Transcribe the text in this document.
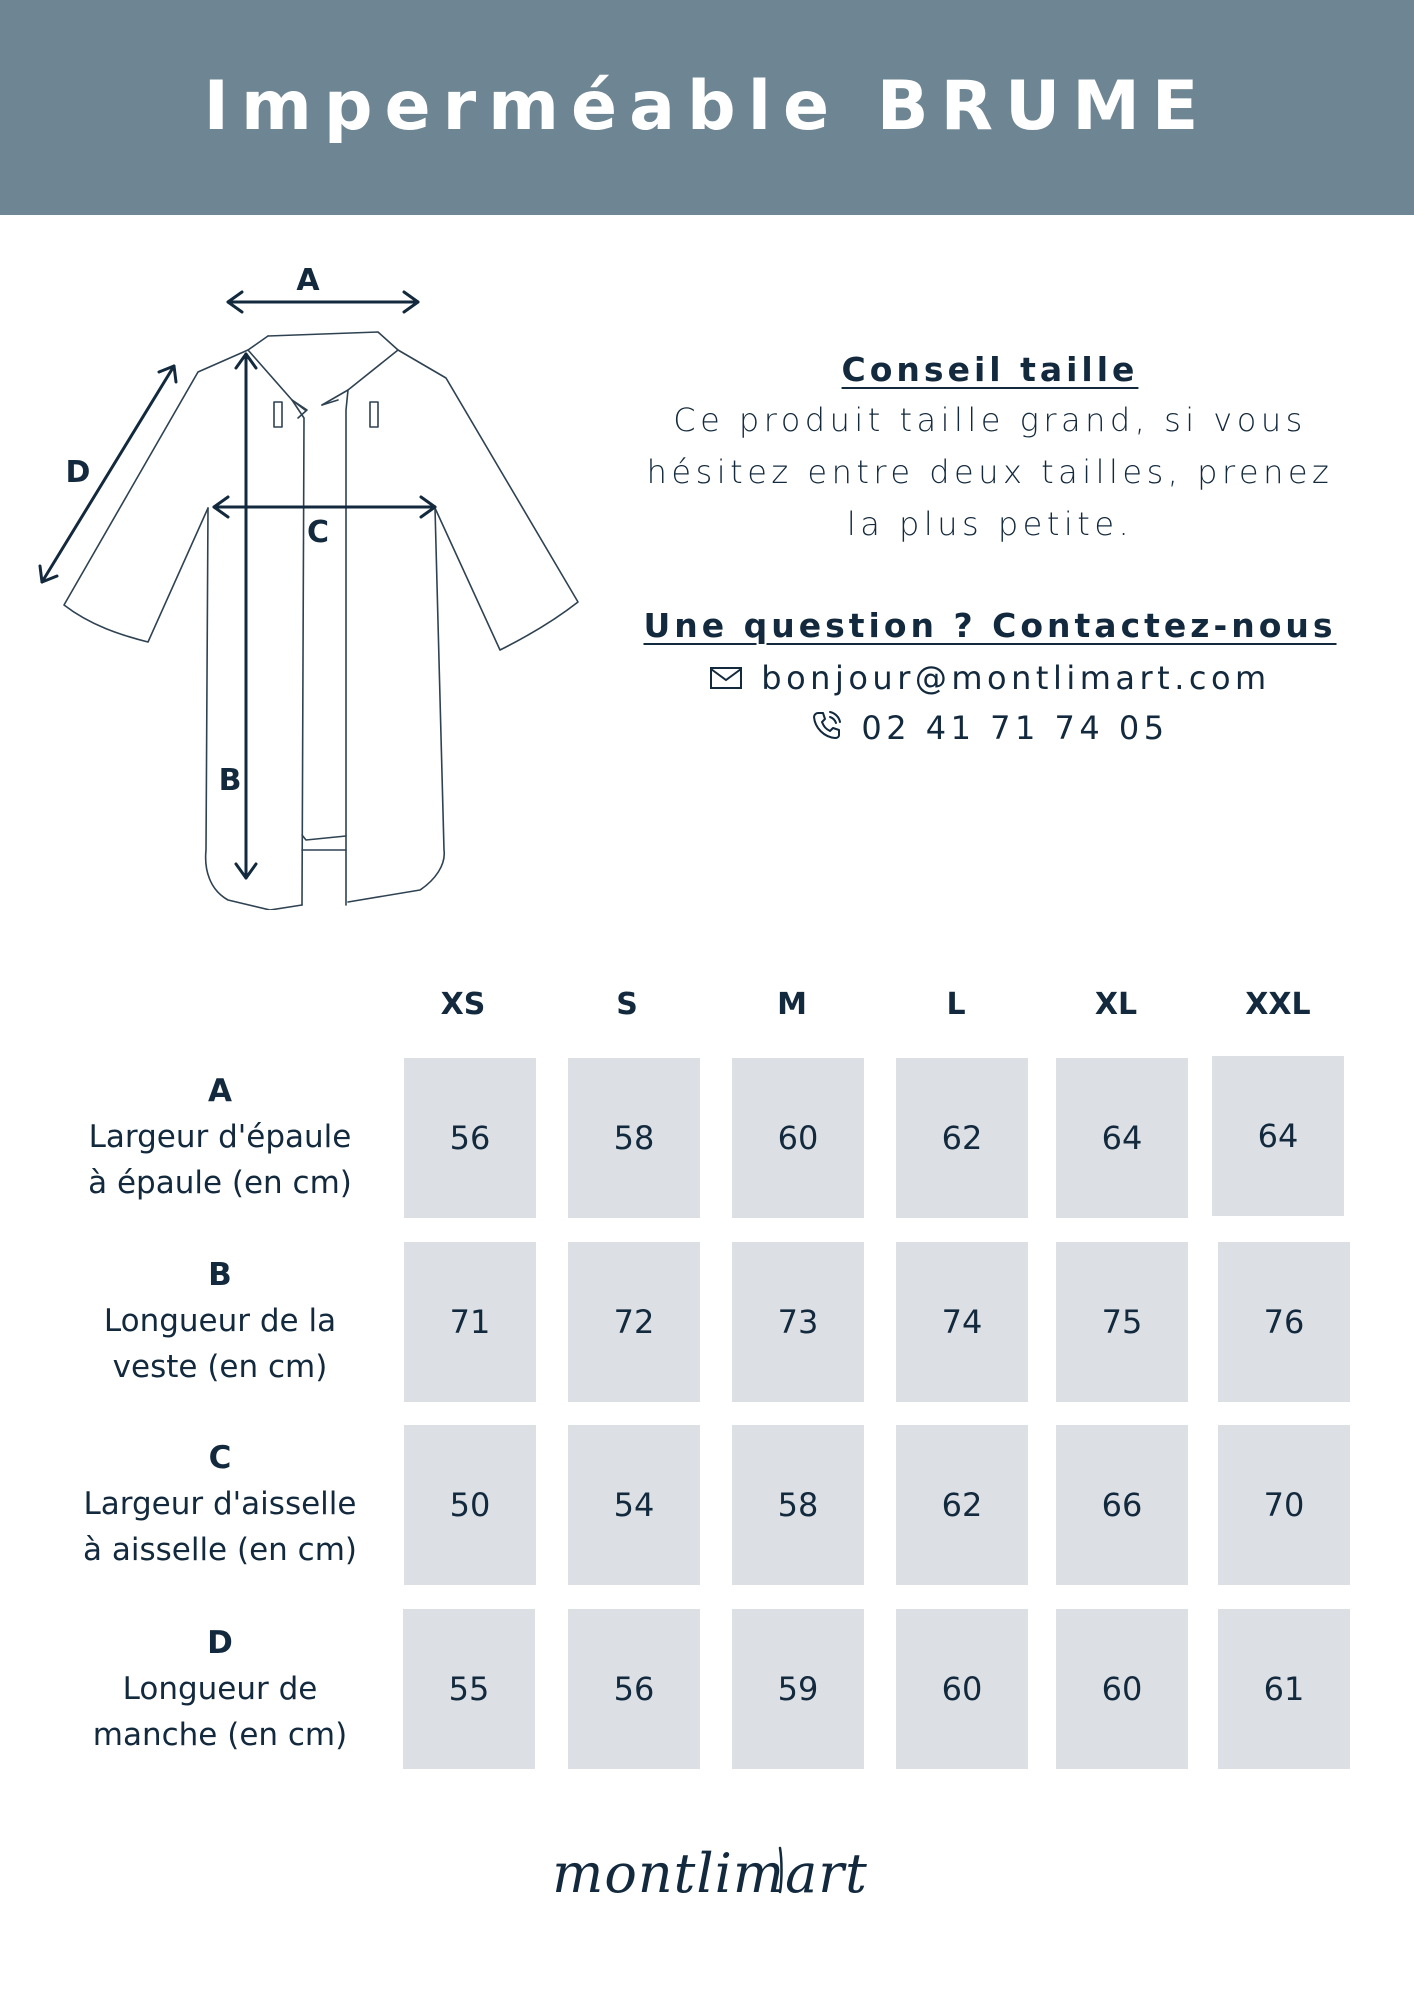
Imperméable BRUME
A
B
C
D
Conseil taille
Ce produit taille grand, si vous
hésitez entre deux tailles, prenez
la plus petite.
Une question ? Contactez-nous
bonjour@montlimart.com
02 41 71 74 05
XS	S	M	L	XL	XXL
A
Largeur d'épaule
à épaule (en cm)
56	58	60	62	64	64
B
Longueur de la
veste (en cm)
71	72	73	74	75	76
C
Largeur d'aisselle
à aisselle (en cm)
50	54	58	62	66	70
D
Longueur de
manche (en cm)
55	56	59	60	60	61
montlimart
